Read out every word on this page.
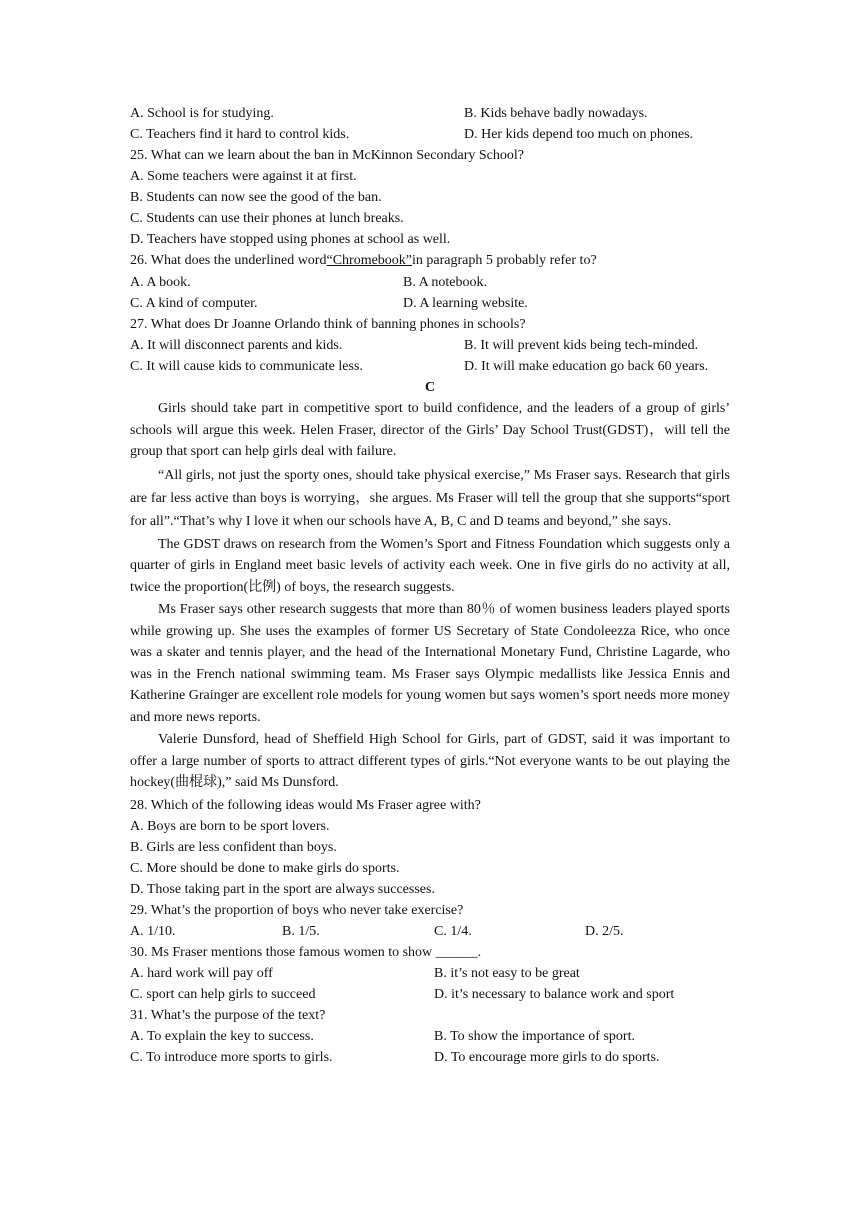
A. School is for studying.	B. Kids behave badly nowadays.
C. Teachers find it hard to control kids.	D. Her kids depend too much on phones.
25. What can we learn about the ban in McKinnon Secondary School?
A. Some teachers were against it at first.
B. Students can now see the good of the ban.
C. Students can use their phones at lunch breaks.
D. Teachers have stopped using phones at school as well.
26. What does the underlined word“Chromebook”in paragraph 5 probably refer to?
A. A book.	B. A notebook.
C. A kind of computer.	D. A learning website.
27. What does Dr Joanne Orlando think of banning phones in schools?
A. It will disconnect parents and kids.	B. It will prevent kids being tech-minded.
C. It will cause kids to communicate less.	D. It will make education go back 60 years.
C

Girls should take part in competitive sport to build confidence, and the leaders of a group of girls’ schools will argue this week. Helen Fraser, director of the Girls’ Day School Trust(GDST)，will tell the group that sport can help girls deal with failure.

“All girls, not just the sporty ones, should take physical exercise,” Ms Fraser says. Research that girls are far less active than boys is worrying，she argues. Ms Fraser will tell the group that she supports“sport for all”.“That’s why I love it when our schools have A, B, C and D teams and beyond,” she says.

The GDST draws on research from the Women’s Sport and Fitness Foundation which suggests only a quarter of girls in England meet basic levels of activity each week. One in five girls do no activity at all, twice the proportion(比例) of boys, the research suggests.

Ms Fraser says other research suggests that more than 80％ of women business leaders played sports while growing up. She uses the examples of former US Secretary of State Condoleezza Rice, who once was a skater and tennis player, and the head of the International Monetary Fund, Christine Lagarde, who was in the French national swimming team. Ms Fraser says Olympic medallists like Jessica Ennis and Katherine Grainger are excellent role models for young women but says women’s sport needs more money and more news reports.

Valerie Dunsford, head of Sheffield High School for Girls, part of GDST, said it was important to offer a large number of sports to attract different types of girls.“Not everyone wants to be out playing the hockey(曲棍球),” said Ms Dunsford.

28. Which of the following ideas would Ms Fraser agree with?
A. Boys are born to be sport lovers.
B. Girls are less confident than boys.
C. More should be done to make girls do sports.
D. Those taking part in the sport are always successes.
29. What’s the proportion of boys who never take exercise?
A. 1/10.	B. 1/5.	C. 1/4.	D. 2/5.
30. Ms Fraser mentions those famous women to show ______.
A. hard work will pay off	B. it’s not easy to be great
C. sport can help girls to succeed	D. it’s necessary to balance work and sport
31. What’s the purpose of the text?
A. To explain the key to success.	B. To show the importance of sport.
C. To introduce more sports to girls.	D. To encourage more girls to do sports.
